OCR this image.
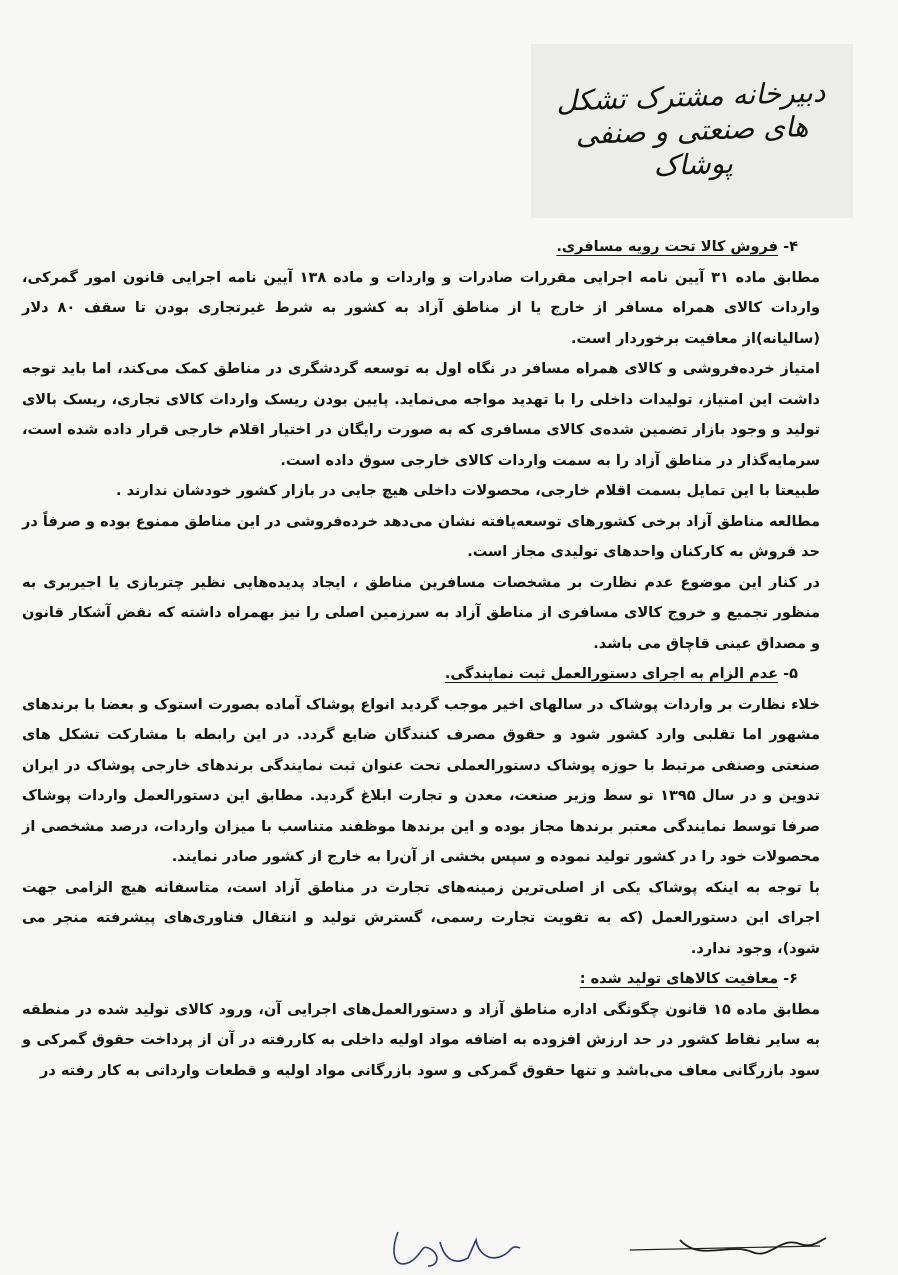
دبیرخانه مشترک تشکل های صنعتی و صنفی پوشاک

۴- فروش کالا تحت رویه مسافری.

مطابق ماده ۳۱ آیین نامه اجرایی مقررات صادرات و واردات و ماده ۱۳۸ آیین نامه اجرایی قانون امور گمرکی، واردات کالای همراه مسافر از خارج یا از مناطق آزاد به کشور به شرط غیرتجاری بودن تا سقف ۸۰ دلار (سالیانه)از معافیت برخوردار است.

امتیاز خرده‌فروشی و کالای همراه مسافر در نگاه اول به توسعه گردشگری در مناطق کمک می‌کند، اما باید توجه داشت این امتیاز، تولیدات داخلی را با تهدید مواجه می‌نماید. پایین بودن ریسک واردات کالای تجاری، ریسک بالای تولید و وجود بازار تضمین شده‌ی کالای مسافری که به صورت رایگان در اختیار اقلام خارجی قرار داده شده است، سرمایه‌گذار در مناطق آزاد را به سمت واردات کالای خارجی سوق داده است.

طبیعتا با این تمایل بسمت اقلام خارجی، محصولات داخلی هیچ جایی در بازار کشور خودشان ندارند .

مطالعه مناطق آزاد برخی کشورهای توسعه‌یافته نشان می‌دهد خرده‌فروشی در این مناطق ممنوع بوده و صرفاً در حد فروش به کارکنان واحدهای تولیدی مجاز است.

در کنار این موضوع عدم نظارت بر مشخصات مسافرین مناطق ، ایجاد پدیده‌هایی نظیر چتربازی یا اجیربری به منظور تجمیع و خروج کالای مسافری از مناطق آزاد به سرزمین اصلی را نیز بهمراه داشته که نقض آشکار قانون و مصداق عینی قاچاق می باشد.

۵- عدم الزام به اجرای دستورالعمل ثبت نمایندگی.

خلاء نظارت بر واردات پوشاک در سالهای اخیر موجب گردید انواع پوشاک آماده بصورت استوک و بعضا با برندهای مشهور اما تقلبی وارد کشور شود و حقوق مصرف کنندگان ضایع گردد. در این رابطه با مشارکت تشکل های صنعتی وصنفی مرتبط با حوزه پوشاک دستورالعملی تحت عنوان ثبت نمایندگی برندهای خارجی پوشاک در ایران تدوین و در سال ۱۳۹۵ تو سط وزیر صنعت، معدن و تجارت ابلاغ گردید. مطابق این دستورالعمل واردات پوشاک صرفا توسط نمایندگی معتبر برندها مجاز بوده و این برندها موظفند متناسب با میزان واردات، درصد مشخصی از محصولات خود را در کشور تولید نموده و سپس بخشی از آن‌را به خارج از کشور صادر نمایند.

با توجه به اینکه پوشاک یکی از اصلی‌ترین زمینه‌های تجارت در مناطق آزاد است، متاسفانه هیچ الزامی جهت اجرای این دستورالعمل (که به تقویت تجارت رسمی، گسترش تولید و انتقال فناوری‌های پیشرفته منجر می شود)، وجود ندارد.

۶- معافیت کالاهای تولید شده :

مطابق ماده ۱۵ قانون چگونگی اداره مناطق آزاد و دستورالعمل‌های اجرایی آن، ورود کالای تولید شده در منطقه به سایر نقاط کشور در حد ارزش افزوده به اضافه مواد اولیه داخلی به کاررفته در آن از پرداخت حقوق گمرکی و سود بازرگانی معاف می‌باشد و تنها حقوق گمرکی و سود بازرگانی مواد اولیه و قطعات وارداتی به کار رفته در
